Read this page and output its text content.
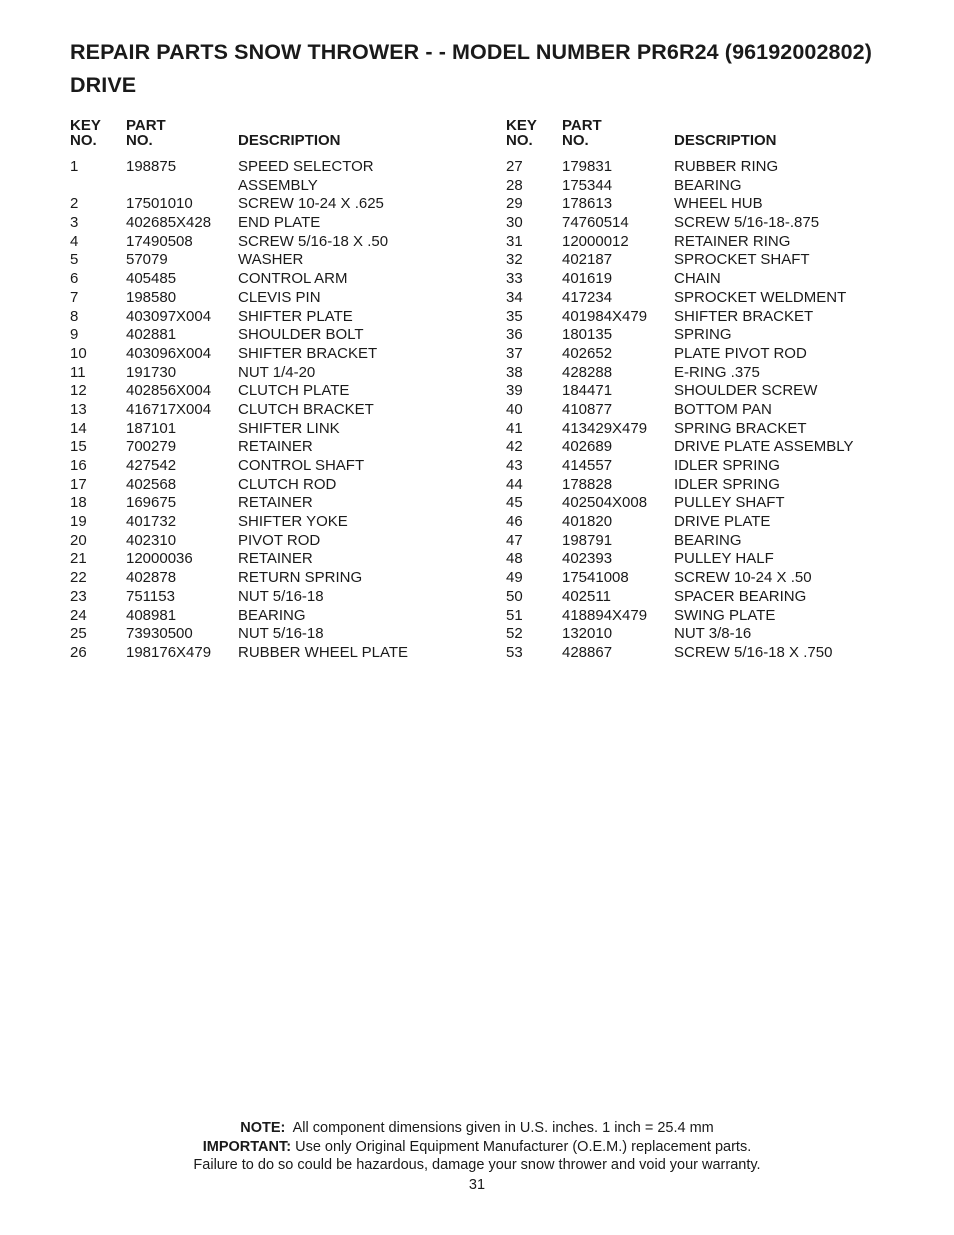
REPAIR PARTS SNOW THROWER - - MODEL NUMBER PR6R24 (96192002802)
DRIVE
KEY
NO.
PART
NO.	DESCRIPTION
1	198875	SPEED SELECTOR ASSEMBLY
2	17501010	SCREW 10-24 X .625
3	402685X428 END PLATE
4	17490508	SCREW 5/16-18 X .50
5	57079	WASHER
6	405485	CONTROL ARM
7	198580	CLEVIS PIN
8	403097X004 SHIFTER PLATE
9	402881	SHOULDER BOLT
10	403096X004 SHIFTER BRACKET
11	191730	NUT 1/4-20
12	402856X004 CLUTCH PLATE
13	416717X004 CLUTCH BRACKET
14	187101	SHIFTER LINK
15	700279	RETAINER
16	427542	CONTROL SHAFT
17	402568	CLUTCH ROD
18	169675	RETAINER
19	401732	SHIFTER YOKE
20	402310	PIVOT ROD
21	12000036	RETAINER
22	402878	RETURN SPRING
23	751153	NUT 5/16-18
24	408981	BEARING
25	73930500	NUT 5/16-18
26	198176X479 RUBBER WHEEL PLATE
KEY
NO.
PART
NO.	DESCRIPTION
27	179831	RUBBER RING
28	175344	BEARING
29	178613	WHEEL HUB
30	74760514	SCREW 5/16-18-.875
31	12000012	RETAINER RING
32	402187	SPROCKET SHAFT
33	401619	CHAIN
34	417234	SPROCKET WELDMENT
35	401984X479 SHIFTER BRACKET
36	180135	SPRING
37	402652	PLATE PIVOT ROD
38	428288	E-RING .375
39	184471	SHOULDER SCREW
40	410877	BOTTOM PAN
41	413429X479 SPRING BRACKET
42	402689	DRIVE PLATE ASSEMBLY
43	414557	IDLER SPRING
44	178828	IDLER SPRING
45	402504X008 PULLEY SHAFT
46	401820	DRIVE PLATE
47	198791	BEARING
48	402393	PULLEY HALF
49	17541008	SCREW 10-24 X .50
50	402511	SPACER BEARING
51	418894X479 SWING PLATE
52	132010	NUT 3/8-16
53	428867	SCREW 5/16-18 X .750
NOTE: All component dimensions given in U.S. inches. 1 inch = 25.4 mm
IMPORTANT: Use only Original Equipment Manufacturer (O.E.M.) replacement parts.
Failure to do so could be hazardous, damage your snow thrower and void your warranty.
31
